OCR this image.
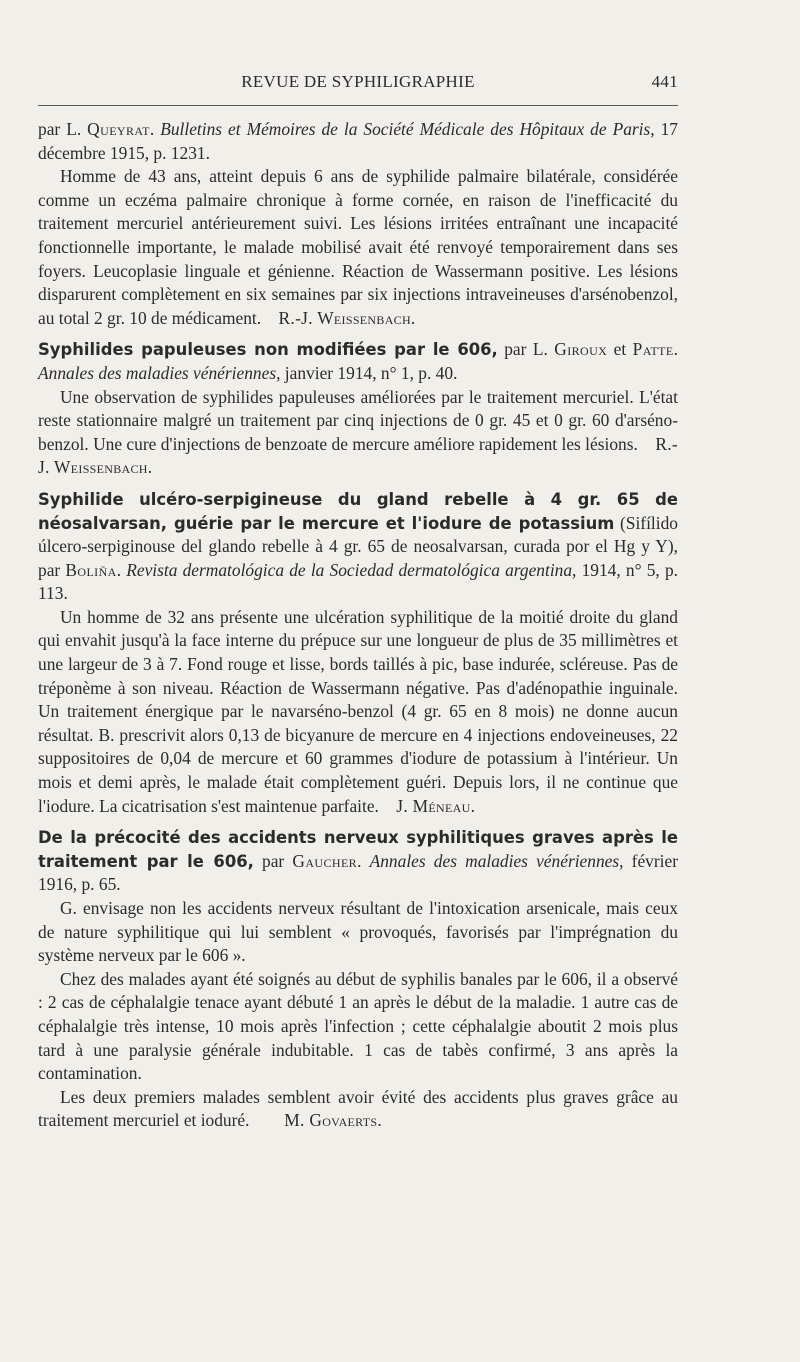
REVUE DE SYPHILIGRAPHIE	441

par L. Queyrat. Bulletins et Mémoires de la Société Médicale des Hôpitaux de Paris, 17 décembre 1915, p. 1231.

Homme de 43 ans, atteint depuis 6 ans de syphilide palmaire bilatérale, considérée comme un eczéma palmaire chronique à forme cornée, en raison de l'inefficacité du traitement mercuriel antérieurement suivi. Les lésions irritées entraînant une incapacité fonctionnelle importante, le malade mobilisé avait été renvoyé temporairement dans ses foyers. Leucoplasie linguale et génienne. Réaction de Wassermann positive. Les lésions disparurent complètement en six semaines par six injections intraveineuses d'arsénobenzol, au total 2 gr. 10 de médicament. R.-J. Weissenbach.

Syphilides papuleuses non modifiées par le 606, par L. Giroux et Patte. Annales des maladies vénériennes, janvier 1914, n° 1, p. 40.

Une observation de syphilides papuleuses améliorées par le traitement mercuriel. L'état reste stationnaire malgré un traitement par cinq injections de 0 gr. 45 et 0 gr. 60 d'arséno-benzol. Une cure d'injections de benzoate de mercure améliore rapidement les lésions. R.-J. Weissenbach.

Syphilide ulcéro-serpigineuse du gland rebelle à 4 gr. 65 de néosalvarsan, guérie par le mercure et l'iodure de potassium (Sifílido úlcero-serpiginouse del glando rebelle à 4 gr. 65 de neosalvarsan, curada por el Hg y Y), par Boliña. Revista dermatológica de la Sociedad dermatológica argentina, 1914, n° 5, p. 113.

Un homme de 32 ans présente une ulcération syphilitique de la moitié droite du gland qui envahit jusqu'à la face interne du prépuce sur une longueur de plus de 35 millimètres et une largeur de 3 à 7. Fond rouge et lisse, bords taillés à pic, base indurée, scléreuse. Pas de tréponème à son niveau. Réaction de Wassermann négative. Pas d'adénopathie inguinale. Un traitement énergique par le navarséno-benzol (4 gr. 65 en 8 mois) ne donne aucun résultat. B. prescrivit alors 0,13 de bicyanure de mercure en 4 injections endoveineuses, 22 suppositoires de 0,04 de mercure et 60 grammes d'iodure de potassium à l'intérieur. Un mois et demi après, le malade était complètement guéri. Depuis lors, il ne continue que l'iodure. La cicatrisation s'est maintenue parfaite. J. Méneau.

De la précocité des accidents nerveux syphilitiques graves après le traitement par le 606, par Gaucher. Annales des maladies vénériennes, février 1916, p. 65.

G. envisage non les accidents nerveux résultant de l'intoxication arsenicale, mais ceux de nature syphilitique qui lui semblent « provoqués, favorisés par l'imprégnation du système nerveux par le 606 ».

Chez des malades ayant été soignés au début de syphilis banales par le 606, il a observé : 2 cas de céphalalgie tenace ayant débuté 1 an après le début de la maladie. 1 autre cas de céphalalgie très intense, 10 mois après l'infection ; cette céphalalgie aboutit 2 mois plus tard à une paralysie générale indubitable. 1 cas de tabès confirmé, 3 ans après la contamination.

Les deux premiers malades semblent avoir évité des accidents plus graves grâce au traitement mercuriel et ioduré. M. Govaerts.
